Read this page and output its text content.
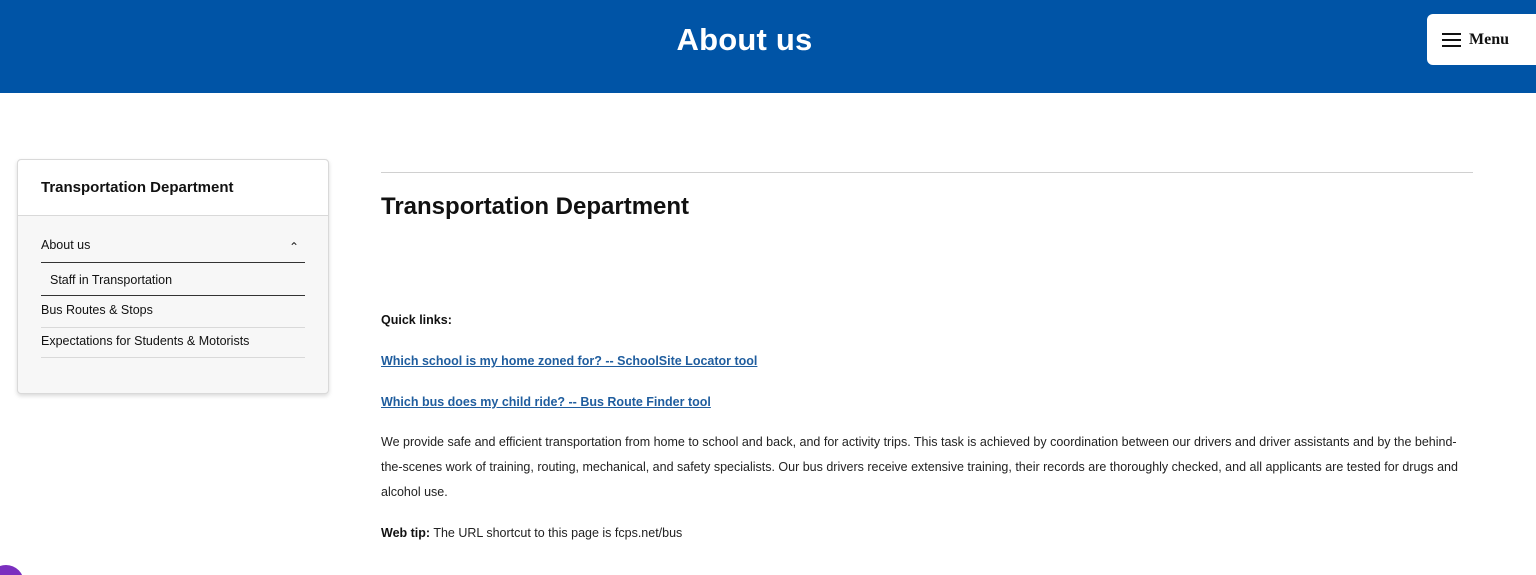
About us	Menu
Transportation Department
About us	⌃
Staff in Transportation
Bus Routes & Stops
Expectations for Students & Motorists
Transportation Department
Quick links:
Which school is my home zoned for? -- SchoolSite Locator tool
Which bus does my child ride? -- Bus Route Finder tool
We provide safe and efficient transportation from home to school and back, and for activity trips. This task is achieved by coordination between our drivers and driver assistants and by the behind-the-scenes work of training, routing, mechanical, and safety specialists. Our bus drivers receive extensive training, their records are thoroughly checked, and all applicants are tested for drugs and alcohol use.
Web tip: The URL shortcut to this page is fcps.net/bus
